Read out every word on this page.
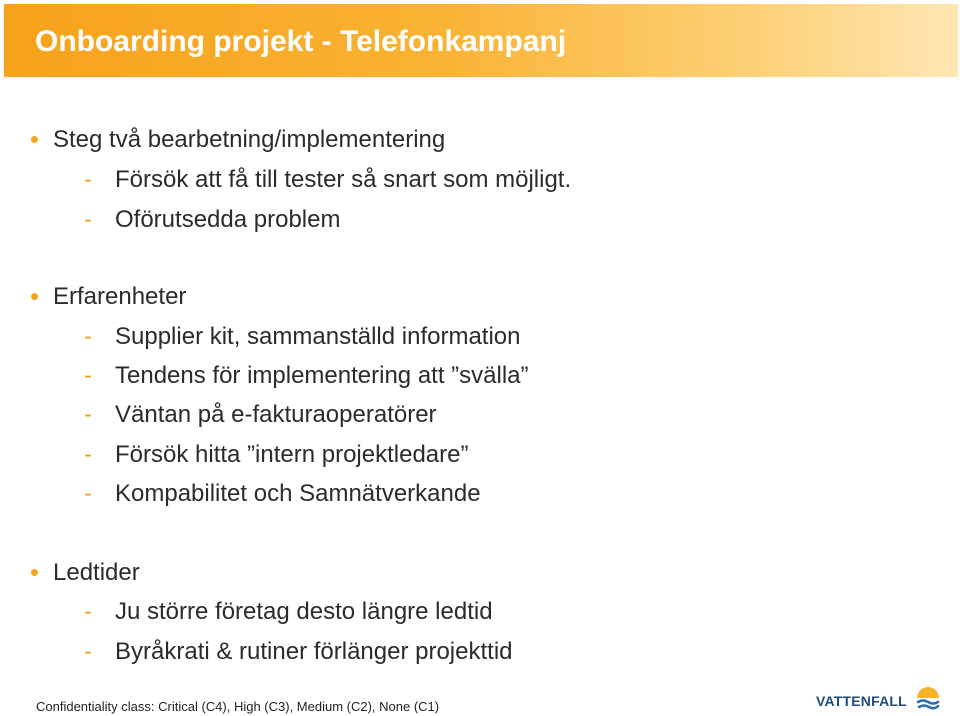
Onboarding projekt - Telefonkampanj
Steg två bearbetning/implementering
- Försök att få till tester så snart som möjligt.
- Oförutsedda problem
Erfarenheter
- Supplier kit, sammanställd information
- Tendens för implementering att ”svälla”
- Väntan på e-fakturaoperatörer
- Försök hitta ”intern projektledare”
- Kompabilitet och Samnätverkande
Ledtider
- Ju större företag desto längre ledtid
- Byråkrati & rutiner förlänger projekttid
Confidentiality class: Critical (C4), High (C3), Medium (C2), None (C1)	VATTENFALL
